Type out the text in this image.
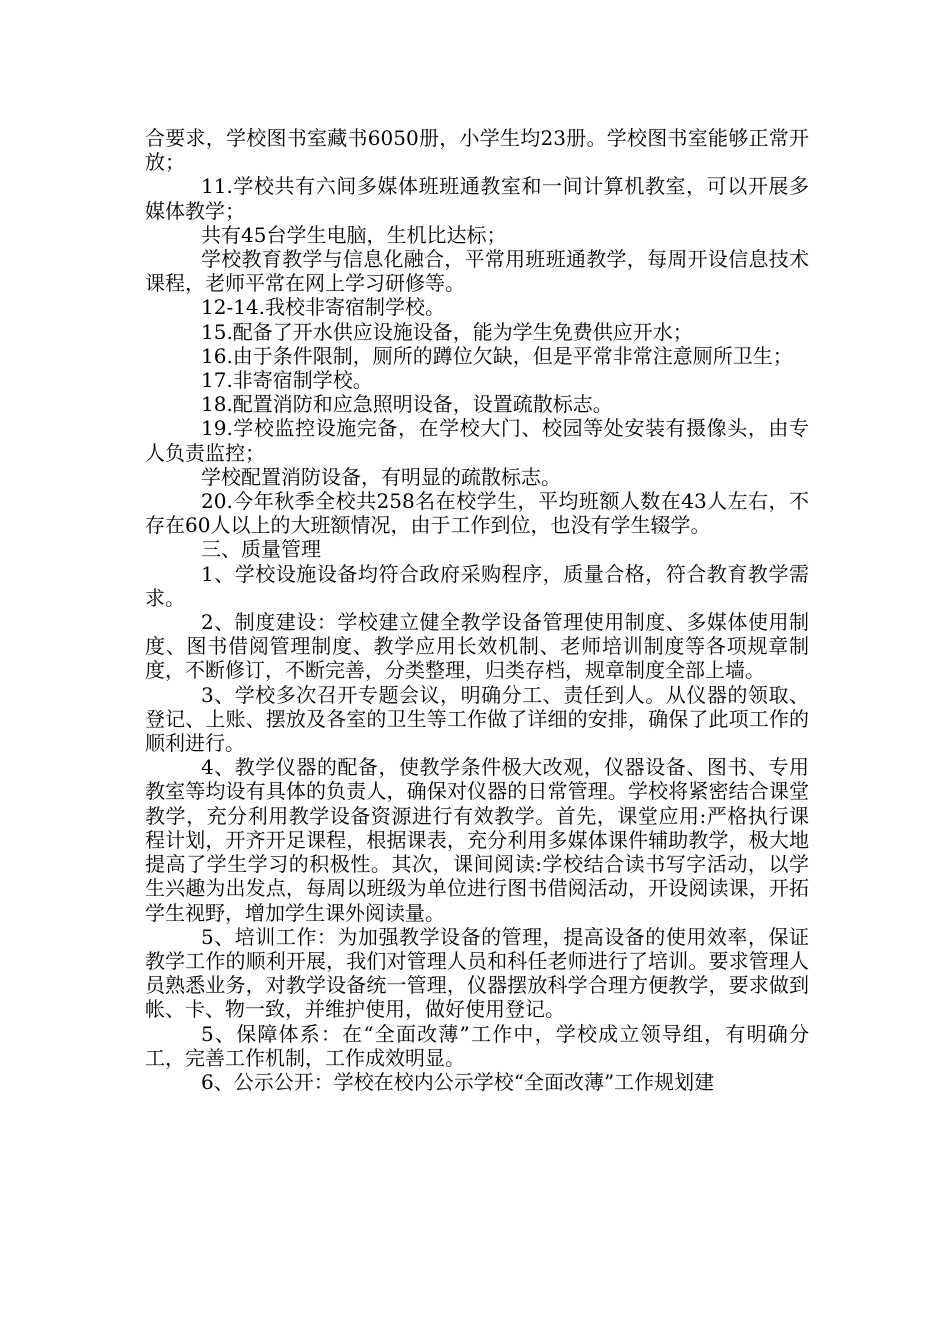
合要求，学校图书室藏书6050册，小学生均23册。学校图书室能够正常开放；

11.学校共有六间多媒体班班通教室和一间计算机教室，可以开展多媒体教学；

共有45台学生电脑，生机比达标；

学校教育教学与信息化融合，平常用班班通教学，每周开设信息技术课程，老师平常在网上学习研修等。

12-14.我校非寄宿制学校。

15.配备了开水供应设施设备，能为学生免费供应开水；

16.由于条件限制，厕所的蹲位欠缺，但是平常非常注意厕所卫生；

17.非寄宿制学校。

18.配置消防和应急照明设备，设置疏散标志。

19.学校监控设施完备，在学校大门、校园等处安装有摄像头，由专人负责监控；

学校配置消防设备，有明显的疏散标志。

20.今年秋季全校共258名在校学生，平均班额人数在43人左右，不存在60人以上的大班额情况，由于工作到位，也没有学生辍学。

三、质量管理

1、学校设施设备均符合政府采购程序，质量合格，符合教育教学需求。

2、制度建设：学校建立健全教学设备管理使用制度、多媒体使用制度、图书借阅管理制度、教学应用长效机制、老师培训制度等各项规章制度，不断修订，不断完善，分类整理，归类存档，规章制度全部上墙。

3、学校多次召开专题会议，明确分工、责任到人。从仪器的领取、登记、上账、摆放及各室的卫生等工作做了详细的安排，确保了此项工作的顺利进行。

4、教学仪器的配备，使教学条件极大改观，仪器设备、图书、专用教室等均设有具体的负责人，确保对仪器的日常管理。学校将紧密结合课堂教学，充分利用教学设备资源进行有效教学。首先，课堂应用:严格执行课程计划，开齐开足课程，根据课表，充分利用多媒体课件辅助教学，极大地提高了学生学习的积极性。其次，课间阅读:学校结合读书写字活动，以学生兴趣为出发点，每周以班级为单位进行图书借阅活动，开设阅读课，开拓学生视野，增加学生课外阅读量。

5、培训工作：为加强教学设备的管理，提高设备的使用效率，保证教学工作的顺利开展，我们对管理人员和科任老师进行了培训。要求管理人员熟悉业务，对教学设备统一管理，仪器摆放科学合理方便教学，要求做到帐、卡、物一致，并维护使用，做好使用登记。

5、保障体系：在“全面改薄”工作中，学校成立领导组，有明确分工，完善工作机制，工作成效明显。

6、公示公开：学校在校内公示学校“全面改薄”工作规划建
